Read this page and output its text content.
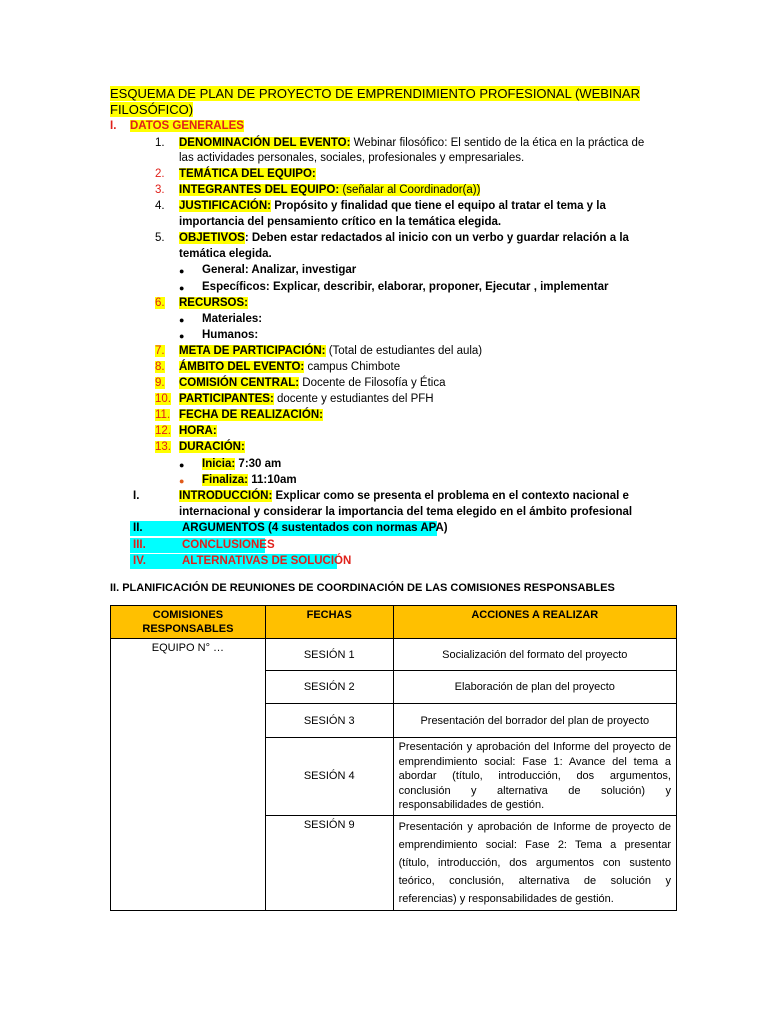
ESQUEMA DE PLAN DE PROYECTO DE EMPRENDIMIENTO PROFESIONAL (WEBINAR
FILOSÓFICO)
I. DATOS GENERALES
1. DENOMINACIÓN DEL EVENTO: Webinar filosófico: El sentido de la ética en la práctica de
las actividades personales, sociales, profesionales y empresariales.
2. TEMÁTICA DEL EQUIPO:
3. INTEGRANTES DEL EQUIPO: (señalar al Coordinador(a))
4. JUSTIFICACIÓN: Propósito y finalidad que tiene el equipo al tratar el tema y la
importancia del pensamiento crítico en la temática elegida.
5. OBJETIVOS: Deben estar redactados al inicio con un verbo y guardar relación a la
temática elegida.
● General: Analizar, investigar
● Específicos: Explicar, describir, elaborar, proponer, Ejecutar , implementar
6. RECURSOS:
● Materiales:
● Humanos:
7. META DE PARTICIPACIÓN: (Total de estudiantes del aula)
8. ÁMBITO DEL EVENTO: campus Chimbote
9. COMISIÓN CENTRAL: Docente de Filosofía y Ética
10. PARTICIPANTES: docente y estudiantes del PFH
11. FECHA DE REALIZACIÓN:
12. HORA:
13. DURACIÓN:
● Inicia: 7:30 am
● Finaliza: 11:10am
I.	INTRODUCCIÓN: Explicar como se presenta el problema en el contexto nacional e
internacional y considerar la importancia del tema elegido en el ámbito profesional
II.	ARGUMENTOS (4 sustentados con normas APA)
III.	CONCLUSIONES
IV.	ALTERNATIVAS DE SOLUCIÓN
II. PLANIFICACIÓN DE REUNIONES DE COORDINACIÓN DE LAS COMISIONES RESPONSABLES
COMISIONES
RESPONSABLES	FECHAS	ACCIONES A REALIZAR
EQUIPO N° …	SESIÓN 1	Socialización del formato del proyecto
	SESIÓN 2	Elaboración de plan del proyecto
	SESIÓN 3	Presentación del borrador del plan de proyecto
	SESIÓN 4	Presentación y aprobación del Informe del proyecto de emprendimiento social: Fase 1: Avance del tema a abordar (título, introducción, dos argumentos, conclusión y alternativa de solución) y responsabilidades de gestión.
	SESIÓN 9	Presentación y aprobación de Informe de proyecto de emprendimiento social: Fase 2: Tema a presentar (título, introducción, dos argumentos con sustento teórico, conclusión, alternativa de solución y referencias) y responsabilidades de gestión.
